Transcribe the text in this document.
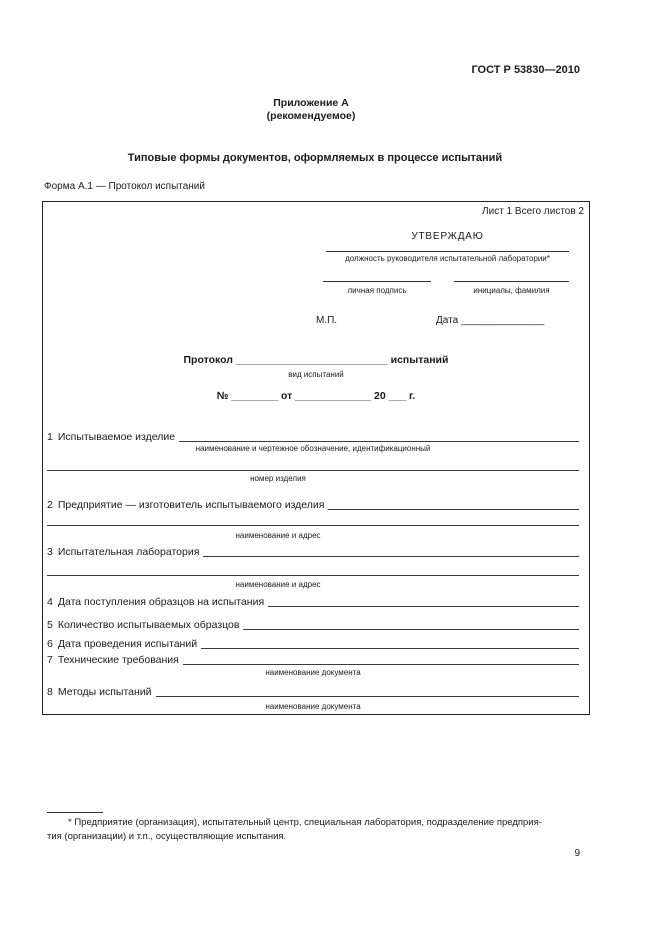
ГОСТ Р 53830—2010
Приложение А
(рекомендуемое)
Типовые формы документов, оформляемых в процессе испытаний
Форма А.1 — Протокол испытаний
Лист 1 Всего листов 2
УТВЕРЖДАЮ
должность руководителя испытательной лаборатории*
личная подпись	инициалы, фамилия
М.П.	Дата _______________
Протокол __________________________ испытаний
вид испытаний
№ ________ от _____________ 20 ___ г.
1 Испытываемое изделие
наименование и чертежное обозначение, идентификационный
номер изделия
2 Предприятие — изготовитель испытываемого изделия
наименование и адрес
3 Испытательная лаборатория
наименование и адрес
4 Дата поступления образцов на испытания
5 Количество испытываемых образцов
6 Дата проведения испытаний
7 Технические требования
наименование документа
8 Методы испытаний
наименование документа
* Предприятие (организация), испытательный центр, специальная лаборатория, подразделение предприя-
тия (организации) и т.п., осуществляющие испытания.
9
